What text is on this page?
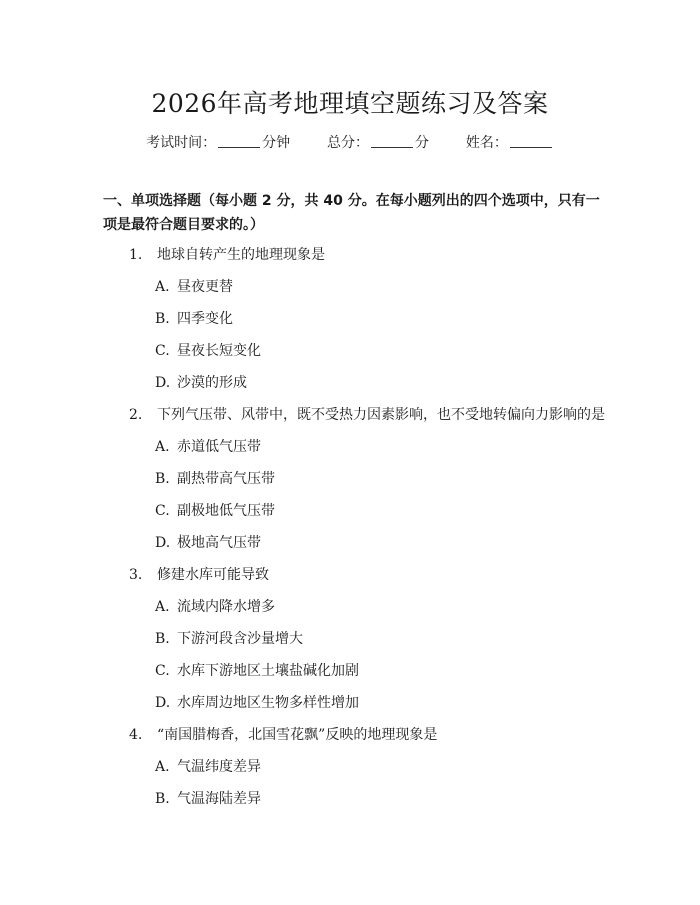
2026年高考地理填空题练习及答案
考试时间：	分钟	总分：	分	姓名：
一、单项选择题（每小题 2 分，共 40 分。在每小题列出的四个选项中，只有一项是最符合题目要求的。）
1. 地球自转产生的地理现象是
A. 昼夜更替
B. 四季变化
C. 昼夜长短变化
D. 沙漠的形成
2. 下列气压带、风带中，既不受热力因素影响，也不受地转偏向力影响的是
A. 赤道低气压带
B. 副热带高气压带
C. 副极地低气压带
D. 极地高气压带
3. 修建水库可能导致
A. 流域内降水增多
B. 下游河段含沙量增大
C. 水库下游地区土壤盐碱化加剧
D. 水库周边地区生物多样性增加
4. “南国腊梅香，北国雪花飘”反映的地理现象是
A. 气温纬度差异
B. 气温海陆差异
